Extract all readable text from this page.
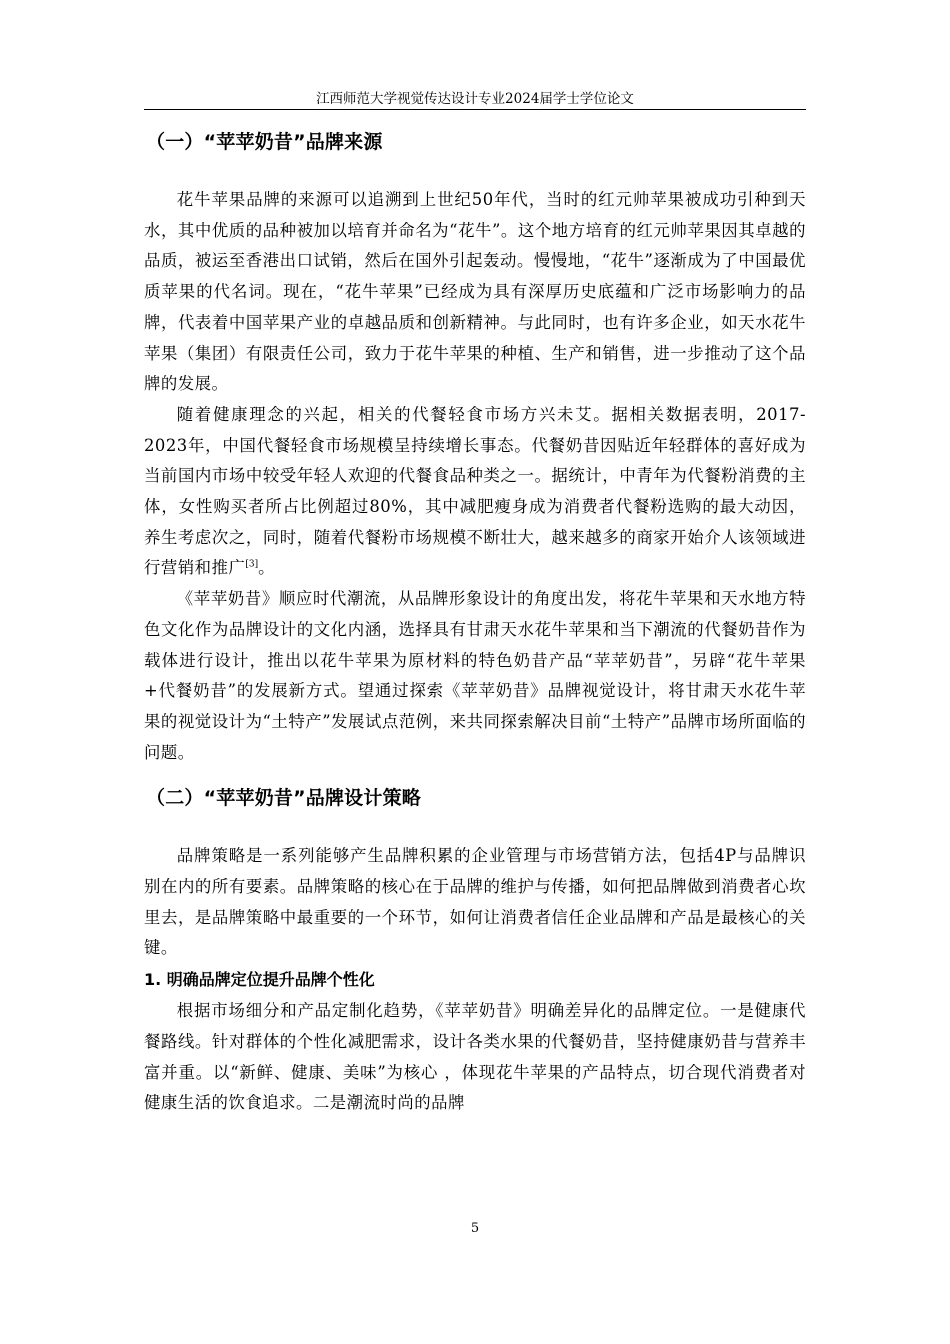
江西师范大学视觉传达设计专业2024届学士学位论文
（一）“苹苹奶昔”品牌来源

花牛苹果品牌的来源可以追溯到上世纪50年代，当时的红元帅苹果被成功引种到天水，其中优质的品种被加以培育并命名为“花牛”。这个地方培育的红元帅苹果因其卓越的品质，被运至香港出口试销，然后在国外引起轰动。慢慢地，“花牛”逐渐成为了中国最优质苹果的代名词。现在，“花牛苹果”已经成为具有深厚历史底蕴和广泛市场影响力的品牌，代表着中国苹果产业的卓越品质和创新精神。与此同时，也有许多企业，如天水花牛苹果（集团）有限责任公司，致力于花牛苹果的种植、生产和销售，进一步推动了这个品牌的发展。

随着健康理念的兴起，相关的代餐轻食市场方兴未艾。据相关数据表明，2017-2023年，中国代餐轻食市场规模呈持续增长事态。代餐奶昔因贴近年轻群体的喜好成为当前国内市场中较受年轻人欢迎的代餐食品种类之一。据统计，中青年为代餐粉消费的主体，女性购买者所占比例超过80%，其中减肥瘦身成为消费者代餐粉选购的最大动因，养生考虑次之，同时，随着代餐粉市场规模不断壮大，越来越多的商家开始介人该领域进行营销和推广[3]。

《苹苹奶昔》顺应时代潮流，从品牌形象设计的角度出发，将花牛苹果和天水地方特色文化作为品牌设计的文化内涵，选择具有甘肃天水花牛苹果和当下潮流的代餐奶昔作为载体进行设计，推出以花牛苹果为原材料的特色奶昔产品“苹苹奶昔”，另辟“花牛苹果+代餐奶昔”的发展新方式。望通过探索《苹苹奶昔》品牌视觉设计，将甘肃天水花牛苹果的视觉设计为“土特产”发展试点范例，来共同探索解决目前“土特产”品牌市场所面临的问题。

（二）“苹苹奶昔”品牌设计策略

品牌策略是一系列能够产生品牌积累的企业管理与市场营销方法，包括4P与品牌识别在内的所有要素。品牌策略的核心在于品牌的维护与传播，如何把品牌做到消费者心坎里去，是品牌策略中最重要的一个环节，如何让消费者信任企业品牌和产品是最核心的关键。

1. 明确品牌定位提升品牌个性化

根据市场细分和产品定制化趋势，《苹苹奶昔》明确差异化的品牌定位。一是健康代餐路线。针对群体的个性化减肥需求，设计各类水果的代餐奶昔，坚持健康奶昔与营养丰富并重。以“新鲜、健康、美味”为核心 ，体现花牛苹果的产品特点，切合现代消费者对健康生活的饮食追求。二是潮流时尚的品牌

5
